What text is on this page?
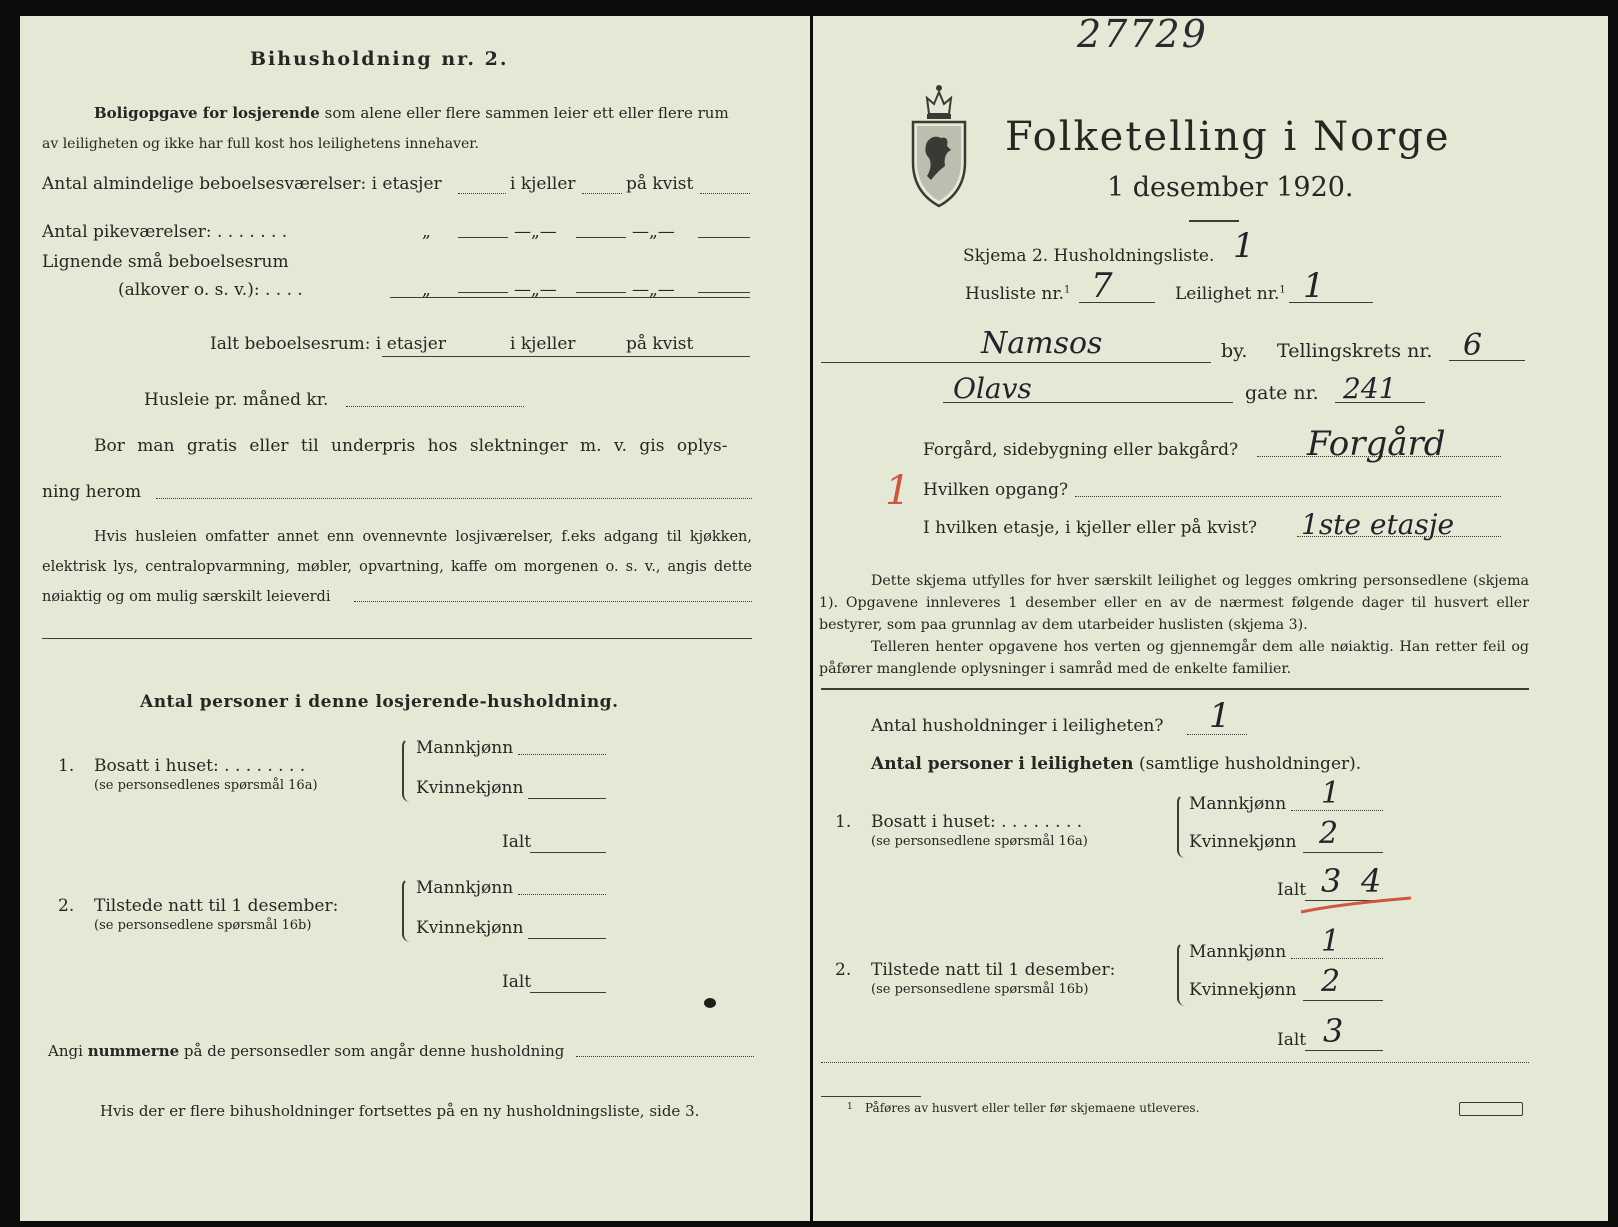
Bihusholdning nr. 2.
Boligopgave for losjerende som alene eller flere sammen leier ett eller flere rum
av leiligheten og ikke har full kost hos leilighetens innehaver.
Antal almindelige beboelsesværelser: i etasjer	i kjeller	på kvist
Antal pikeværelser: . . . . . . .	„	—„—	—„—
Lignende små beboelsesrum
(alkover o. s. v.): . . . .	„	—„—	—„—
Ialt beboelsesrum: i etasjer	i kjeller	på kvist
Husleie pr. måned kr.
Bor man gratis eller til underpris hos slektninger m. v. gis oplys-
ning herom
Hvis husleien omfatter annet enn ovennevnte losjiværelser, f.eks adgang til kjøkken, elektrisk lys, centralopvarmning, møbler, opvartning, kaffe om morgenen o. s. v., angis dette nøiaktig og om mulig særskilt leieverdi
Antal personer i denne losjerende-husholdning.
1. Bosatt i huset: . . . . . . . .
(se personsedlenes spørsmål 16a)
Mannkjønn
Kvinnekjønn
Ialt
2. Tilstede natt til 1 desember:
(se personsedlene spørsmål 16b)
Mannkjønn
Kvinnekjønn
Ialt
Angi nummerne på de personsedler som angår denne husholdning
Hvis der er flere bihusholdninger fortsettes på en ny husholdningsliste, side 3.
27729
Folketelling i Norge
1 desember 1920.
Skjema 2. Husholdningsliste. 1
Husliste nr.$^1$ 7	Leilighet nr.$^1$ 1
Namsos	by. Tellingskrets nr. 6
Olavs	gate nr. 241
Forgård, sidebygning eller bakgård? Forgård
1 Hvilken opgang?
I hvilken etasje, i kjeller eller på kvist? 1ste etasje
Dette skjema utfylles for hver særskilt leilighet og legges omkring personsedlene (skjema 1). Opgavene innleveres 1 desember eller en av de nærmest følgende dager til husvert eller bestyrer, som paa grunnlag av dem utarbeider huslisten (skjema 3).
Telleren henter opgavene hos verten og gjennemgår dem alle nøiaktig. Han retter feil og påfører manglende oplysninger i samråd med de enkelte familier.
Antal husholdninger i leiligheten? 1
Antal personer i leiligheten (samtlige husholdninger).
1. Bosatt i huset: . . . . . . . .
(se personsedlene spørsmål 16a)
Mannkjønn 1
Kvinnekjønn 2
Ialt 3 4
2. Tilstede natt til 1 desember:
(se personsedlene spørsmål 16b)
Mannkjønn 1
Kvinnekjønn 2
Ialt 3
1 Påføres av husvert eller teller før skjemaene utleveres.
